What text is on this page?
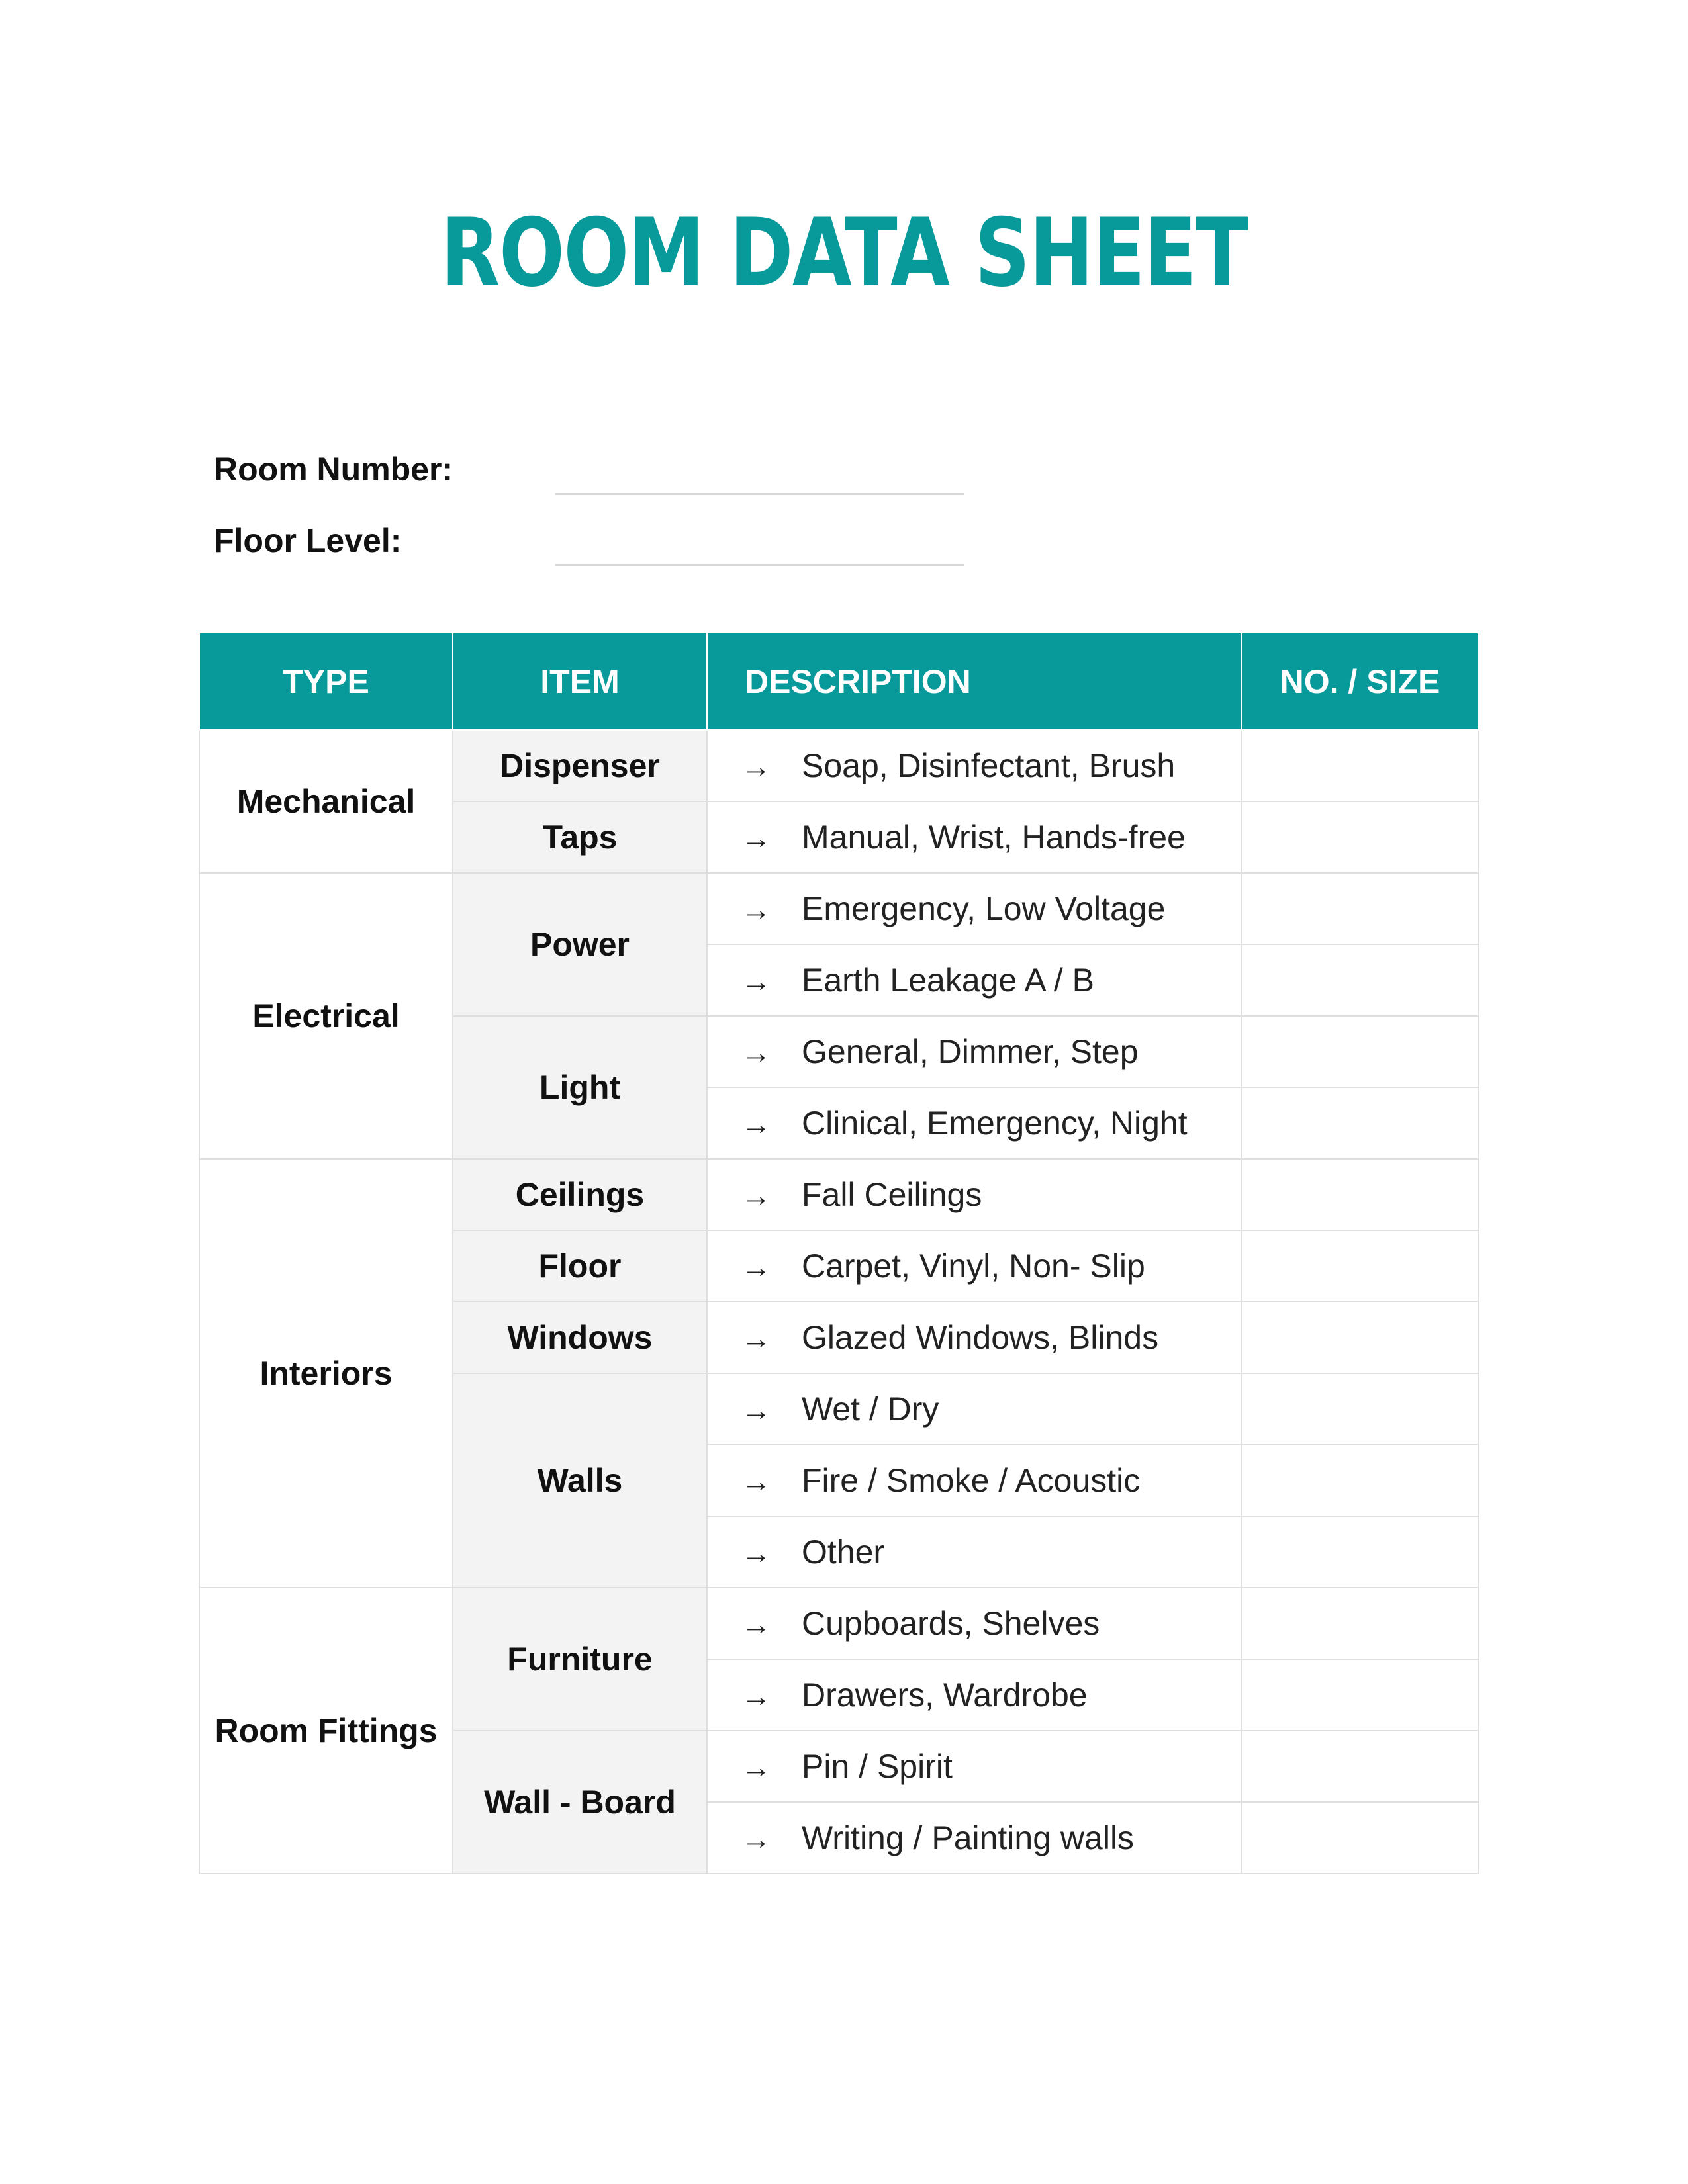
ROOM DATA SHEET
Room Number:
Floor Level:
TYPE	ITEM	DESCRIPTION	NO. / SIZE
Mechanical	Dispenser	→ Soap, Disinfectant, Brush	
	Taps	→ Manual, Wrist, Hands-free	
Electrical	Power	→ Emergency, Low Voltage	
		→ Earth Leakage A / B	
	Light	→ General, Dimmer, Step	
		→ Clinical, Emergency, Night	
Interiors	Ceilings	→ Fall Ceilings	
	Floor	→ Carpet, Vinyl, Non- Slip	
	Windows	→ Glazed Windows, Blinds	
	Walls	→ Wet / Dry	
		→ Fire / Smoke / Acoustic	
		→ Other	
Room Fittings	Furniture	→ Cupboards, Shelves	
		→ Drawers, Wardrobe	
	Wall - Board	→ Pin / Spirit	
		→ Writing / Painting walls	
